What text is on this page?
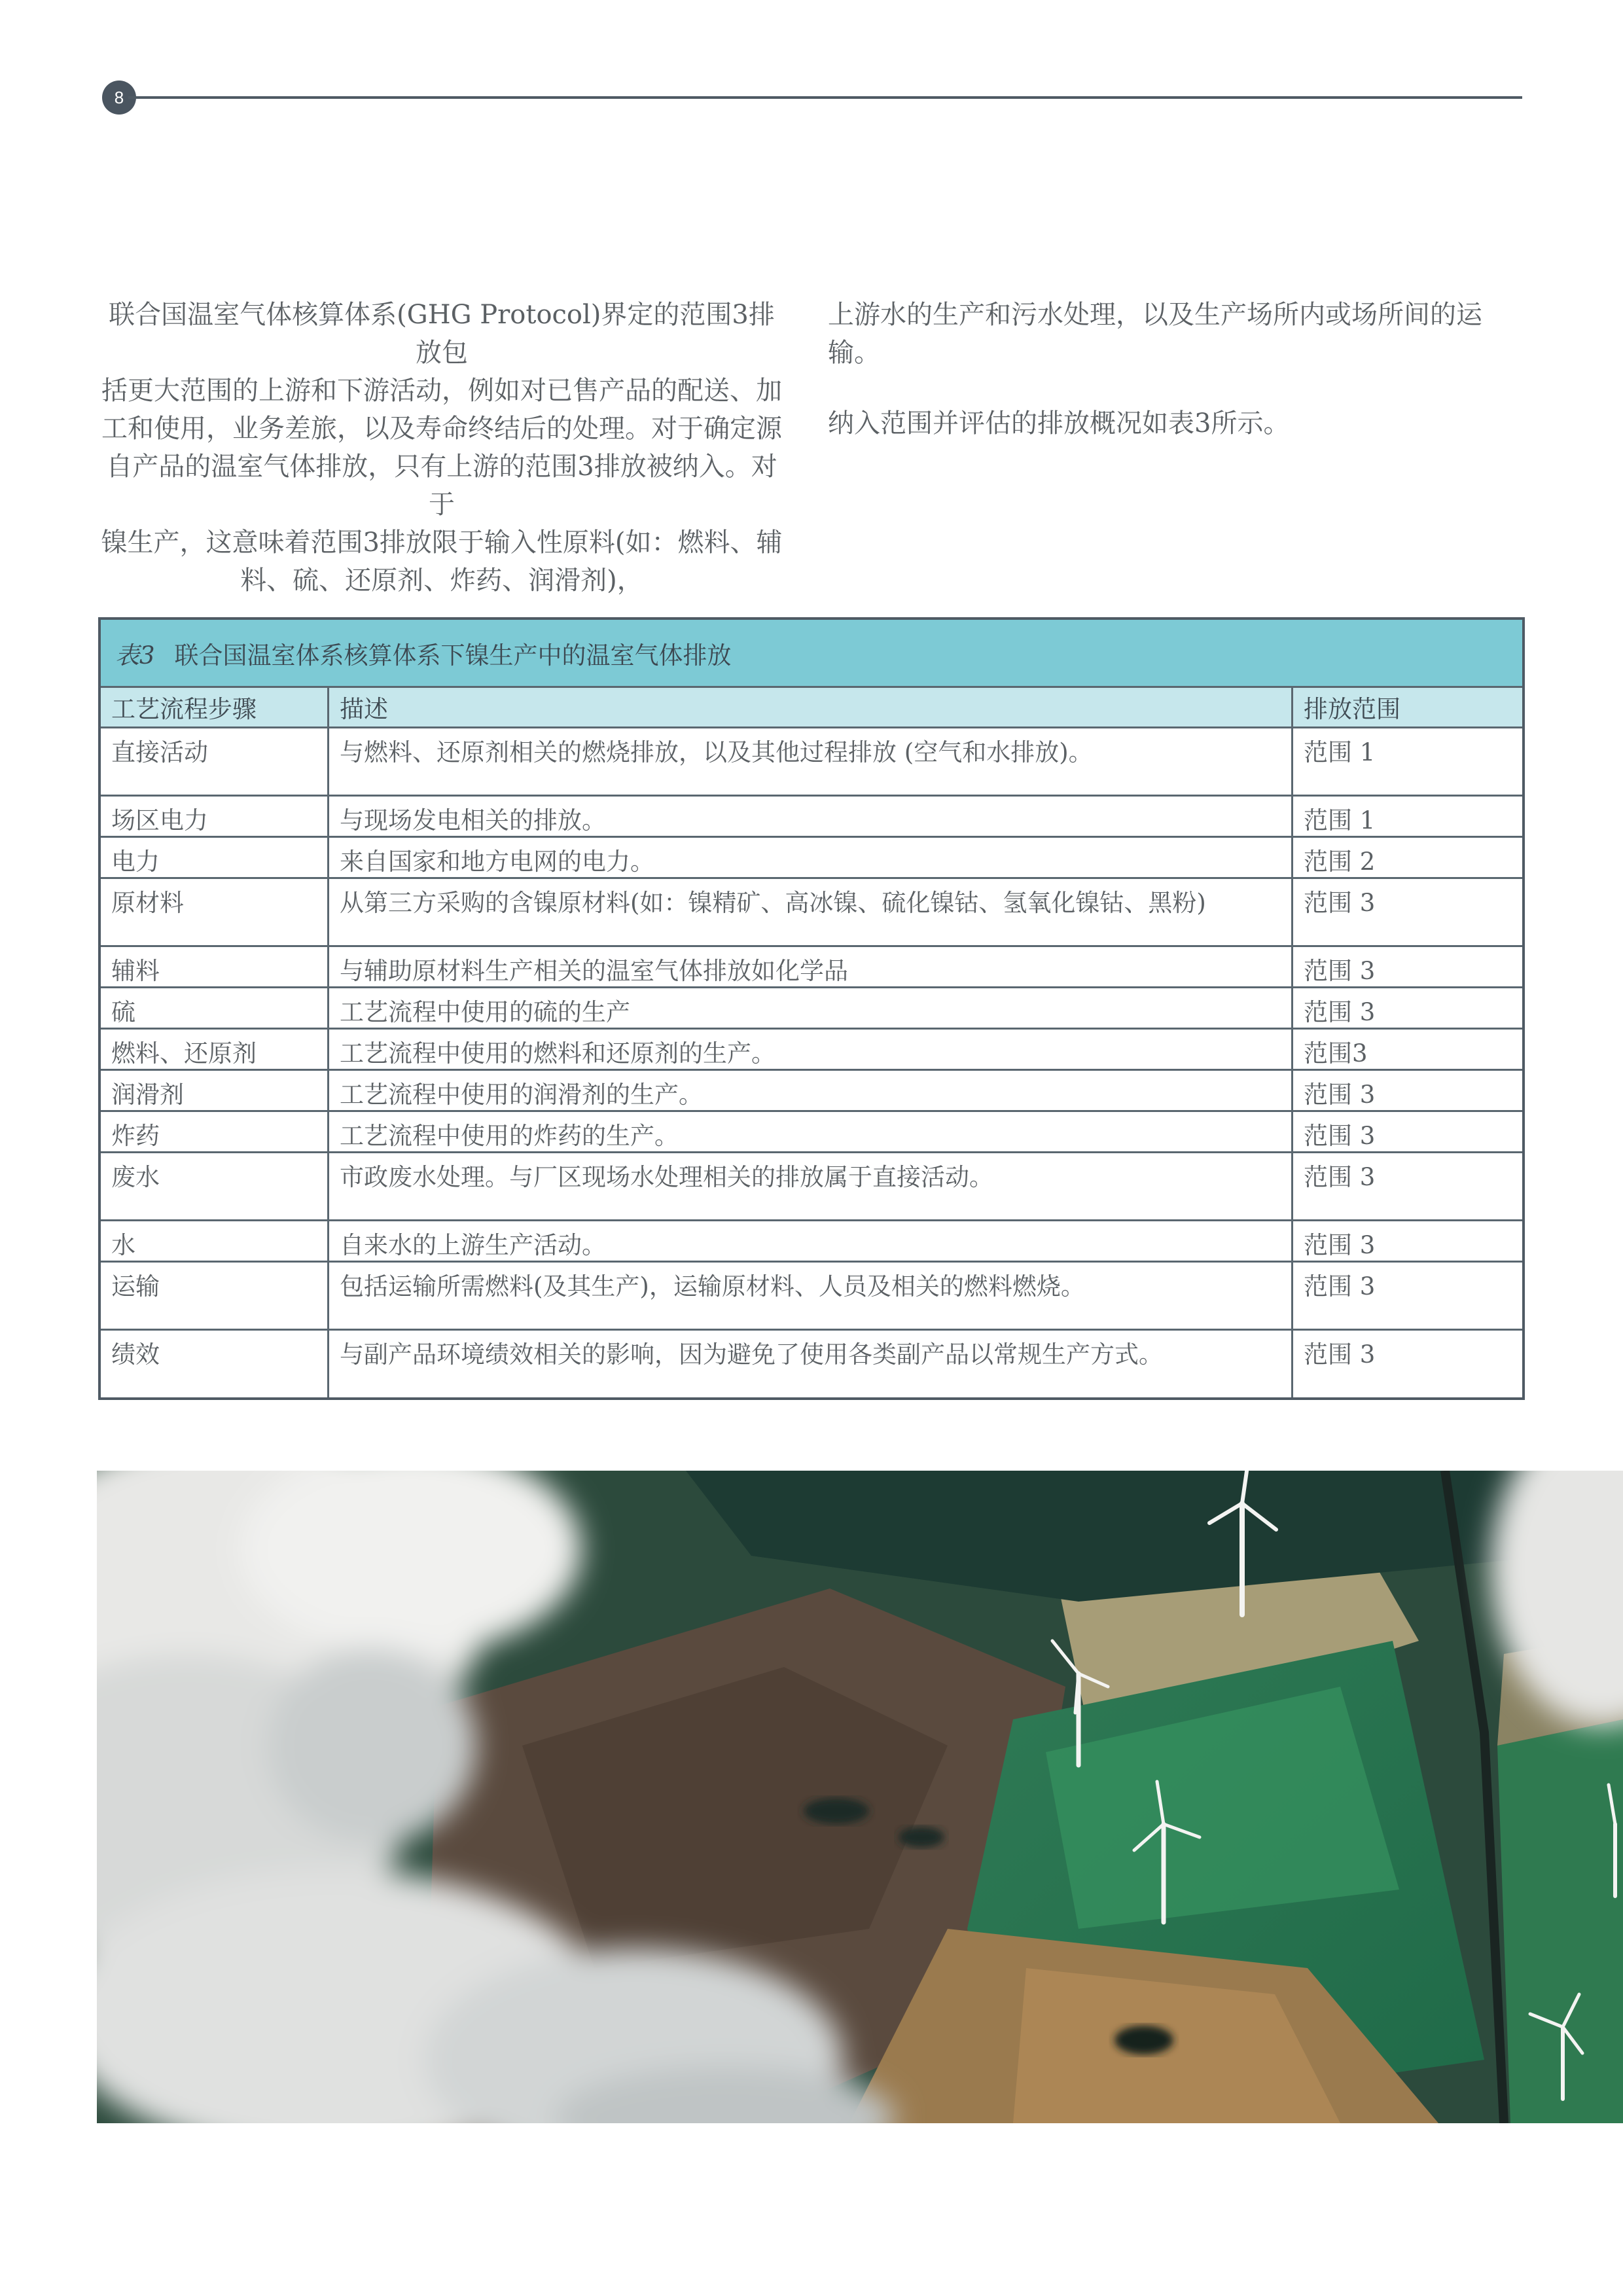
8

联合国温室气体核算体系(GHG Protocol)界定的范围3排放包

括更大范围的上游和下游活动，例如对已售产品的配送、加

工和使用，业务差旅，以及寿命终结后的处理。对于确定源

自产品的温室气体排放，只有上游的范围3排放被纳入。对于

镍生产，这意味着范围3排放限于输入性原料(如：燃料、辅

料、硫、还原剂、炸药、润滑剂)，

上游水的生产和污水处理，以及生产场所内或场所间的运输。

纳入范围并评估的排放概况如表3所示。

表3 联合国温室体系核算体系下镍生产中的温室气体排放
工艺流程步骤	描述	排放范围
直接活动	与燃料、还原剂相关的燃烧排放，以及其他过程排放 (空气和水排放)。	范围 1
场区电力	与现场发电相关的排放。	范围 1
电力	来自国家和地方电网的电力。	范围 2
原材料	从第三方采购的含镍原材料(如：镍精矿、高冰镍、硫化镍钴、氢氧化镍钴、黑粉)	范围 3
辅料	与辅助原材料生产相关的温室气体排放如化学品	范围 3
硫	工艺流程中使用的硫的生产	范围 3
燃料、还原剂	工艺流程中使用的燃料和还原剂的生产。	范围3
润滑剂	工艺流程中使用的润滑剂的生产。	范围 3
炸药	工艺流程中使用的炸药的生产。	范围 3
废水	市政废水处理。与厂区现场水处理相关的排放属于直接活动。	范围 3
水	自来水的上游生产活动。	范围 3
运输	包括运输所需燃料(及其生产)，运输原材料、人员及相关的燃料燃烧。	范围 3
绩效	与副产品环境绩效相关的影响，因为避免了使用各类副产品以常规生产方式。	范围 3
